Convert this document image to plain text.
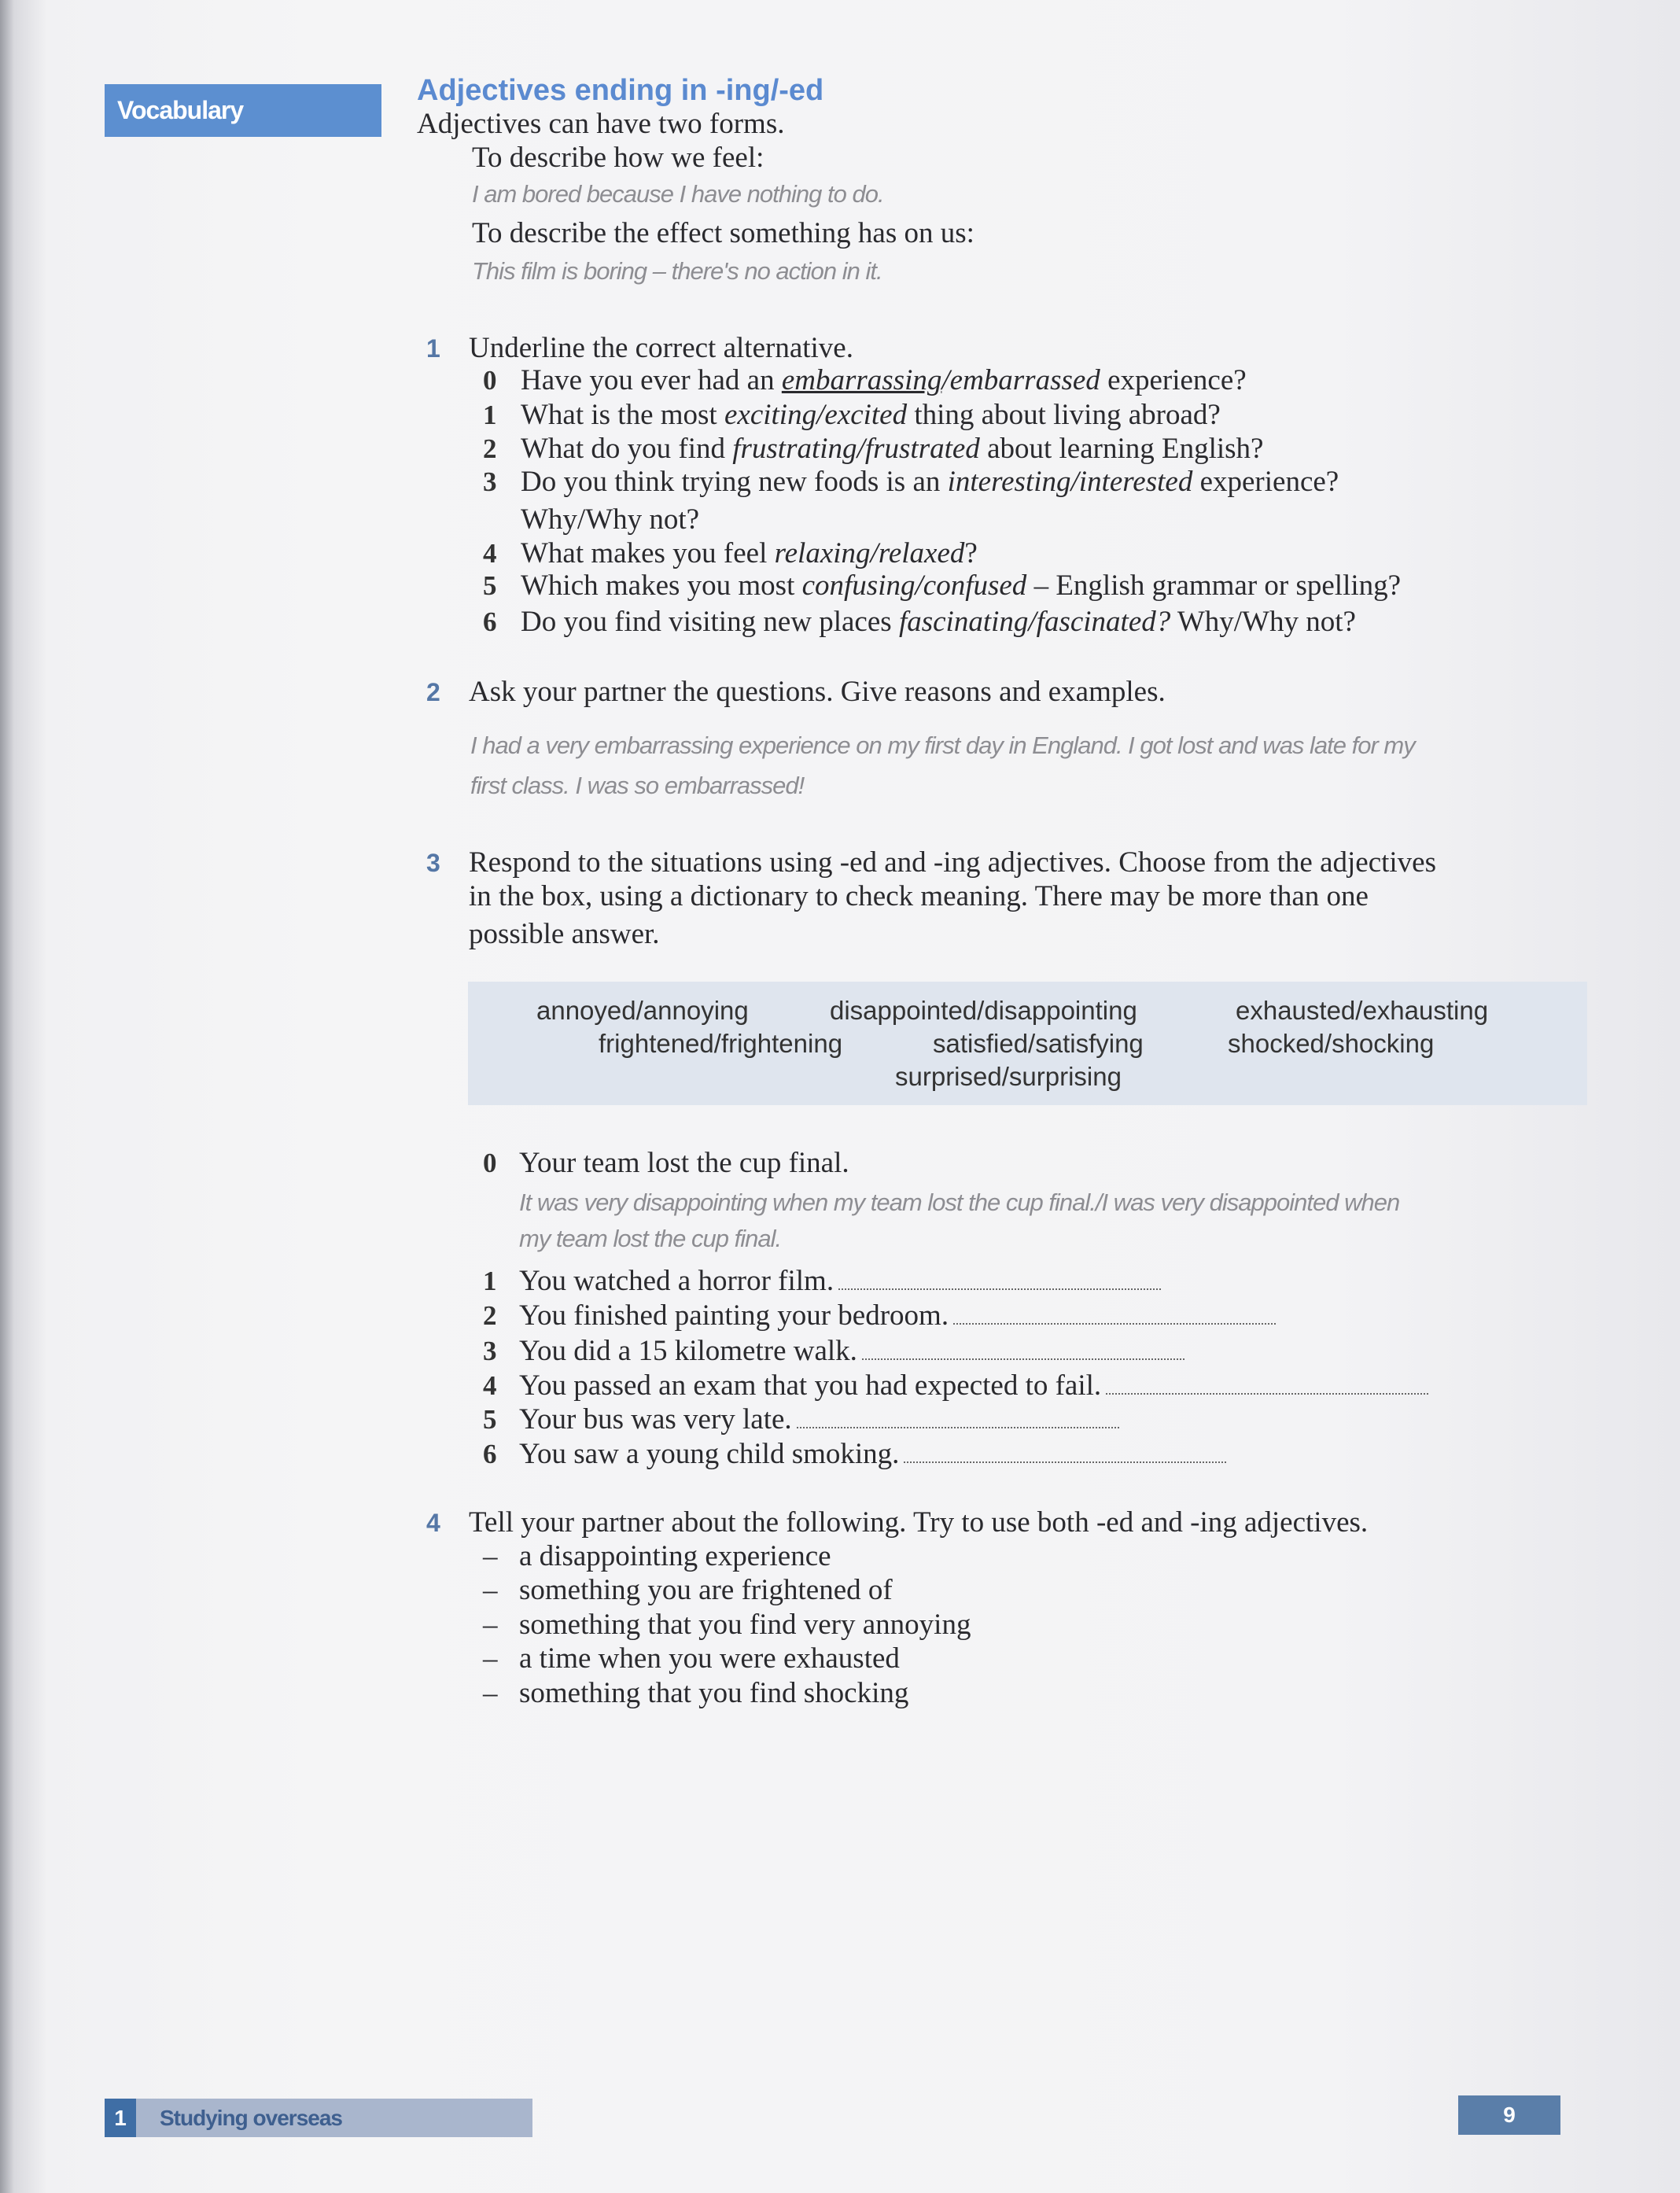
Vocabulary
Adjectives ending in -ing/-ed
Adjectives can have two forms.
To describe how we feel:
I am bored because I have nothing to do.
To describe the effect something has on us:
This film is boring – there's no action in it.
1 Underline the correct alternative.
0 Have you ever had an embarrassing/embarrassed experience?
1 What is the most exciting/excited thing about living abroad?
2 What do you find frustrating/frustrated about learning English?
3 Do you think trying new foods is an interesting/interested experience?
Why/Why not?
4 What makes you feel relaxing/relaxed?
5 Which makes you most confusing/confused – English grammar or spelling?
6 Do you find visiting new places fascinating/fascinated? Why/Why not?
2 Ask your partner the questions. Give reasons and examples.
I had a very embarrassing experience on my first day in England. I got lost and was late for my
first class. I was so embarrassed!
3 Respond to the situations using -ed and -ing adjectives. Choose from the adjectives
in the box, using a dictionary to check meaning. There may be more than one
possible answer.
annoyed/annoying	disappointed/disappointing	exhausted/exhausting
frightened/frightening	satisfied/satisfying	shocked/shocking
surprised/surprising
0 Your team lost the cup final.
It was very disappointing when my team lost the cup final./I was very disappointed when
my team lost the cup final.
1 You watched a horror film.
2 You finished painting your bedroom.
3 You did a 15 kilometre walk.
4 You passed an exam that you had expected to fail.
5 Your bus was very late.
6 You saw a young child smoking.
4 Tell your partner about the following. Try to use both -ed and -ing adjectives.
– a disappointing experience
– something you are frightened of
– something that you find very annoying
– a time when you were exhausted
– something that you find shocking
1	Studying overseas	9
